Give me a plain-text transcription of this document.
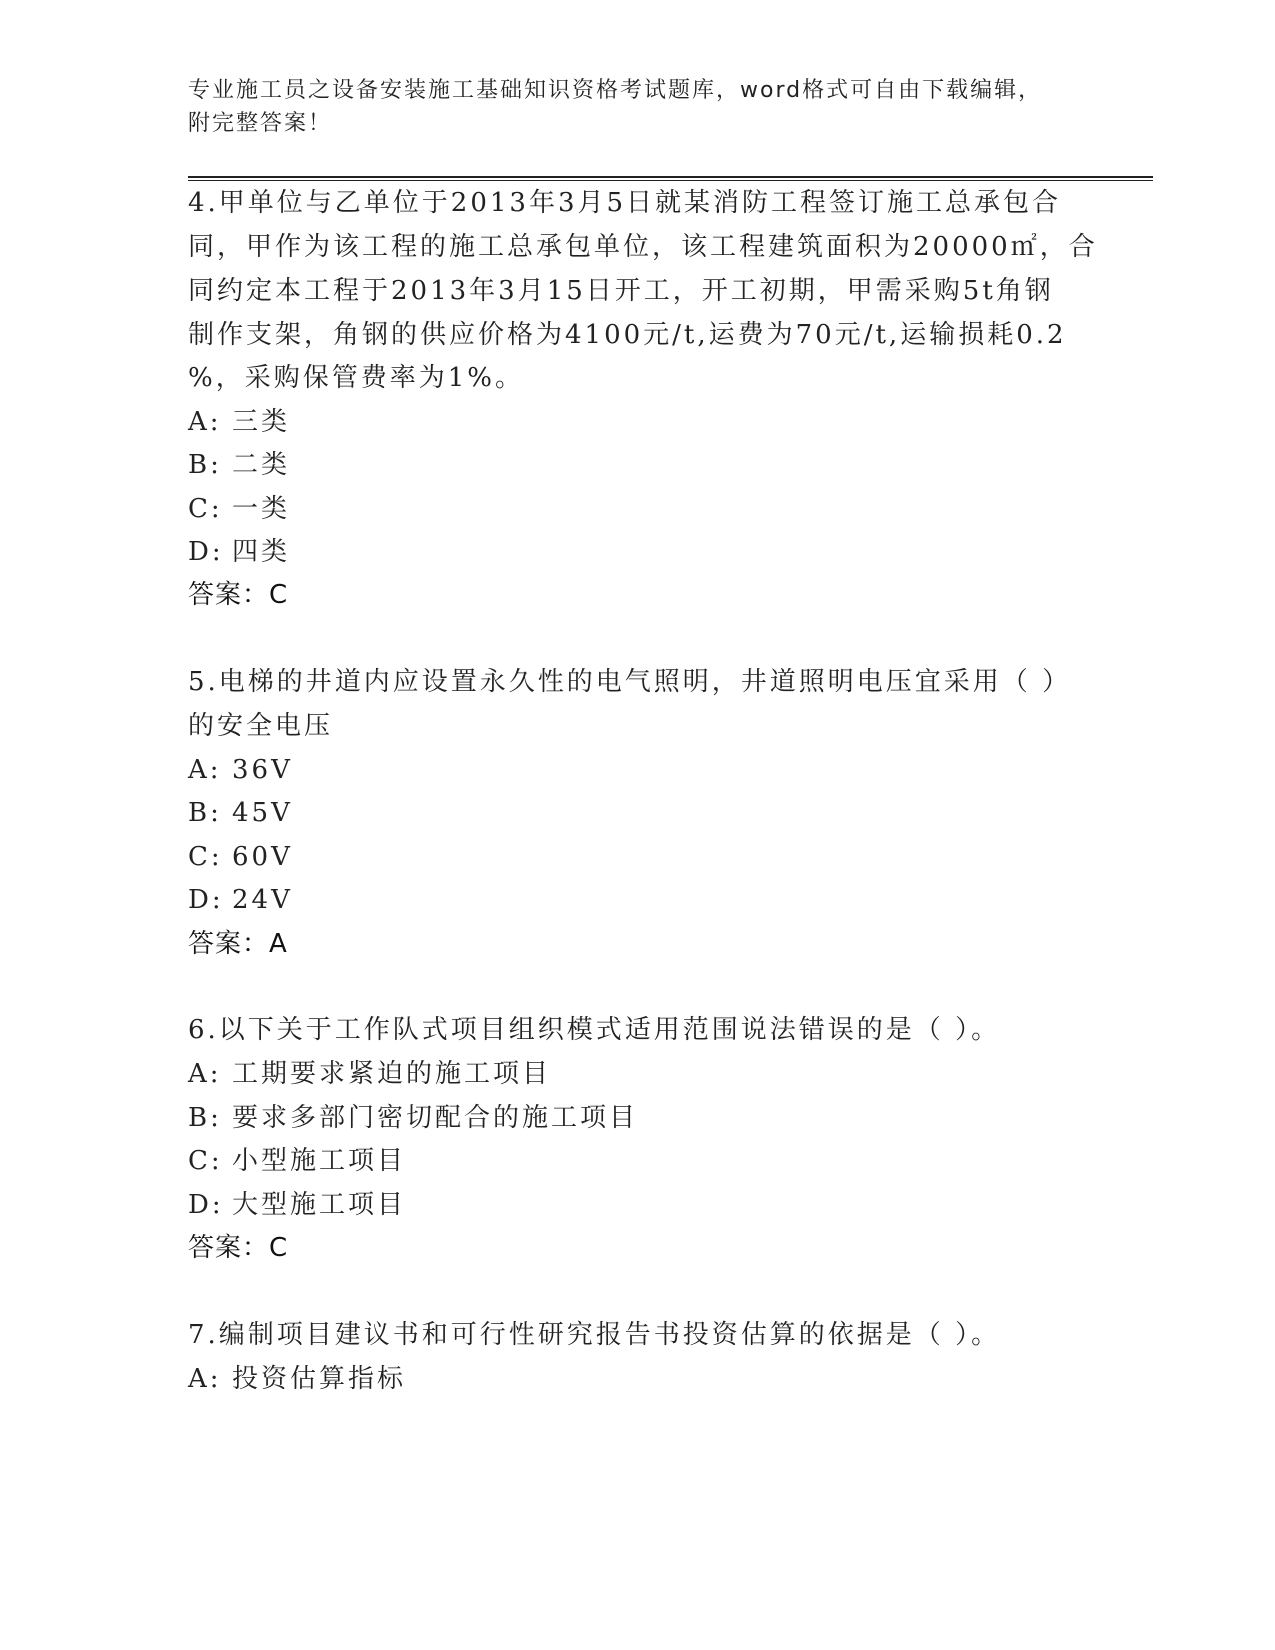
专业施工员之设备安装施工基础知识资格考试题库，word格式可自由下载编辑，
附完整答案！
4.甲单位与乙单位于2013年3月5日就某消防工程签订施工总承包合
同，甲作为该工程的施工总承包单位，该工程建筑面积为20000㎡，合
同约定本工程于2013年3月15日开工，开工初期，甲需采购5t角钢
制作支架，角钢的供应价格为4100元/t,运费为70元/t,运输损耗0.2
%，采购保管费率为1%。
A: 三类
B: 二类
C: 一类
D: 四类
答案：C
5.电梯的井道内应设置永久性的电气照明，井道照明电压宜采用（ ）
的安全电压
A: 36V
B: 45V
C: 60V
D: 24V
答案：A
6.以下关于工作队式项目组织模式适用范围说法错误的是（ ）。
A: 工期要求紧迫的施工项目
B: 要求多部门密切配合的施工项目
C: 小型施工项目
D: 大型施工项目
答案：C
7.编制项目建议书和可行性研究报告书投资估算的依据是（ ）。
A: 投资估算指标
